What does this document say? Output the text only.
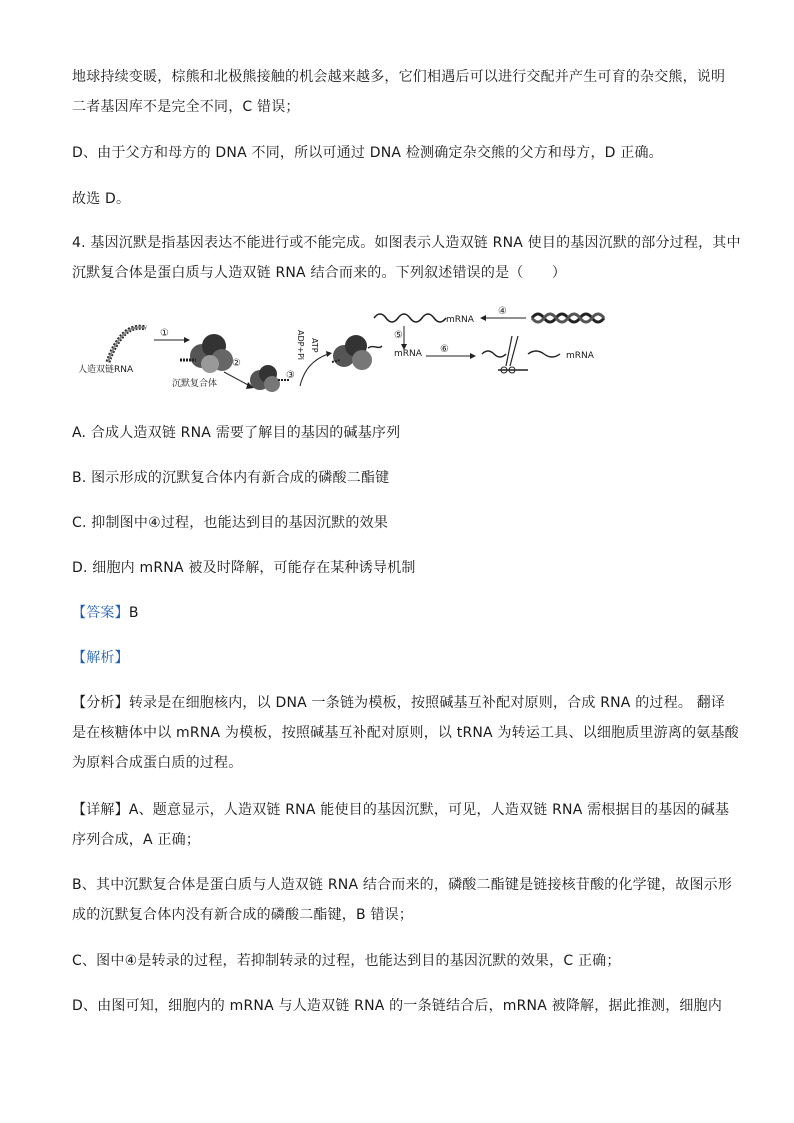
地球持续变暖，棕熊和北极熊接触的机会越来越多，它们相遇后可以进行交配并产生可育的杂交熊，说明
二者基因库不是完全不同，C 错误；
D、由于父方和母方的 DNA 不同，所以可通过 DNA 检测确定杂交熊的父方和母方，D 正确。
故选 D。
4. 基因沉默是指基因表达不能进行或不能完成。如图表示人造双链 RNA 使目的基因沉默的部分过程，其中
沉默复合体是蛋白质与人造双链 RNA 结合而来的。下列叙述错误的是（　　）
人造双链RNA
①
②
沉默复合体
③
ADP+Pi ATP
④
mRNA
⑤
mRNA ⑥
mRNA
A. 合成人造双链 RNA 需要了解目的基因的碱基序列
B. 图示形成的沉默复合体内有新合成的磷酸二酯键
C. 抑制图中④过程，也能达到目的基因沉默的效果
D. 细胞内 mRNA 被及时降解，可能存在某种诱导机制
【答案】B
【解析】
【分析】转录是在细胞核内，以 DNA 一条链为模板，按照碱基互补配对原则，合成 RNA 的过程。 翻译
是在核糖体中以 mRNA 为模板，按照碱基互补配对原则，以 tRNA 为转运工具、以细胞质里游离的氨基酸
为原料合成蛋白质的过程。
【详解】A、题意显示，人造双链 RNA 能使目的基因沉默，可见，人造双链 RNA 需根据目的基因的碱基
序列合成，A 正确；
B、其中沉默复合体是蛋白质与人造双链 RNA 结合而来的，磷酸二酯键是链接核苷酸的化学键，故图示形
成的沉默复合体内没有新合成的磷酸二酯键，B 错误；
C、图中④是转录的过程，若抑制转录的过程，也能达到目的基因沉默的效果，C 正确；
D、由图可知，细胞内的 mRNA 与人造双链 RNA 的一条链结合后，mRNA 被降解，据此推测，细胞内
